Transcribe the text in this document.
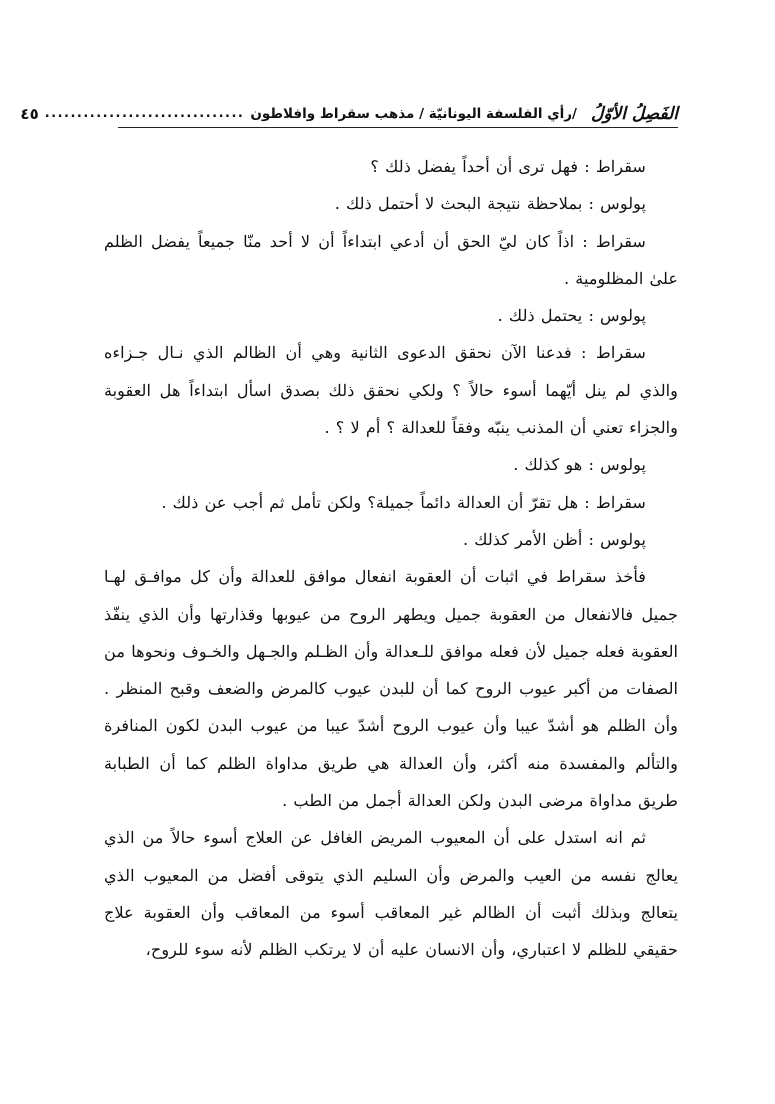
الفَصِلُ الأوّلُ
/رأي الفلسفة اليونانيّة / مذهب سقراط وافلاطون
...............................
٤٥

سقراط : فهل ترى أن أحداً يفضل ذلك ؟

پولوس : بملاحظة نتيجة البحث لا أحتمل ذلك .

سقراط : اذاً كان ليّ الحق أن أدعي ابتداءاً أن لا أحد منّا جميعاً يفضل الظلم علىٰ المظلومية .

پولوس : يحتمل ذلك .

سقراط : فدعنا الآن نحقق الدعوى الثانية وهي أن الظالم الذي نـال جـزاءه والذي لم ينل أيّهما أسوء حالاً ؟ ولكي نحقق ذلك بصدق اسأل ابتداءاً هل العقوبة والجزاء تعني أن المذنب ينبّه وفقاً للعدالة ؟ أم لا ؟ .

پولوس : هو كذلك .

سقراط : هل تقرّ أن العدالة دائماً جميلة؟ ولكن تأمل ثم أجب عن ذلك .

پولوس : أظن الأمر كذلك .

فأخذ سقراط في اثبات أن العقوبة انفعال موافق للعدالة وأن كل موافـق لهـا جميل فالانفعال من العقوبة جميل ويطهر الروح من عيوبها وقذارتها وأن الذي ينفّذ العقوبة فعله جميل لأن فعله موافق للـعدالة وأن الظـلم والجـهل والخـوف ونحوها من الصفات من أكبر عيوب الروح كما أن للبدن عيوب كالمرض والضعف وقبح المنظر . وأن الظلم هو أشدّ عيبا وأن عيوب الروح أشدّ عيبا من عيوب البدن لكون المنافرة والتألم والمفسدة منه أكثر، وأن العدالة هي طريق مداواة الظلم كما أن الطبابة طريق مداواة مرضى البدن ولكن العدالة أجمل من الطب .

ثم انه استدل على أن المعيوب المريض الغافل عن العلاج أسوء حالاً من الذي يعالج نفسه من العيب والمرض وأن السليم الذي يتوقى أفضل من المعيوب الذي يتعالج وبذلك أثبت أن الظالم غير المعاقب أسوء من المعاقب وأن العقوبة علاج حقيقي للظلم لا اعتباري، وأن الانسان عليه أن لا يرتكب الظلم لأنه سوء للروح،
